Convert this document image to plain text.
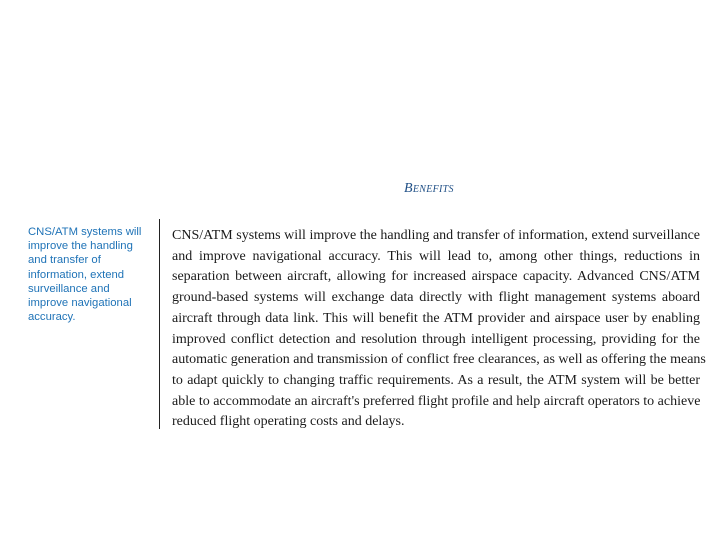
Benefits
CNS/ATM systems will
improve the handling
and transfer of
information, extend
surveillance and
improve navigational
accuracy.
CNS/ATM systems will improve the handling and transfer of information, extend surveillance
and improve navigational accuracy. This will lead to, among other things, reductions in
separation between aircraft, allowing for increased airspace capacity. Advanced CNS/ATM
ground-based systems will exchange data directly with flight management systems aboard
aircraft through data link. This will benefit the ATM provider and airspace user by enabling
improved conflict detection and resolution through intelligent processing, providing for the
automatic generation and transmission of conflict free clearances, as well as offering the means
to adapt quickly to changing traffic requirements. As a result, the ATM system will be better
able to accommodate an aircraft's preferred flight profile and help aircraft operators to achieve
reduced flight operating costs and delays.
